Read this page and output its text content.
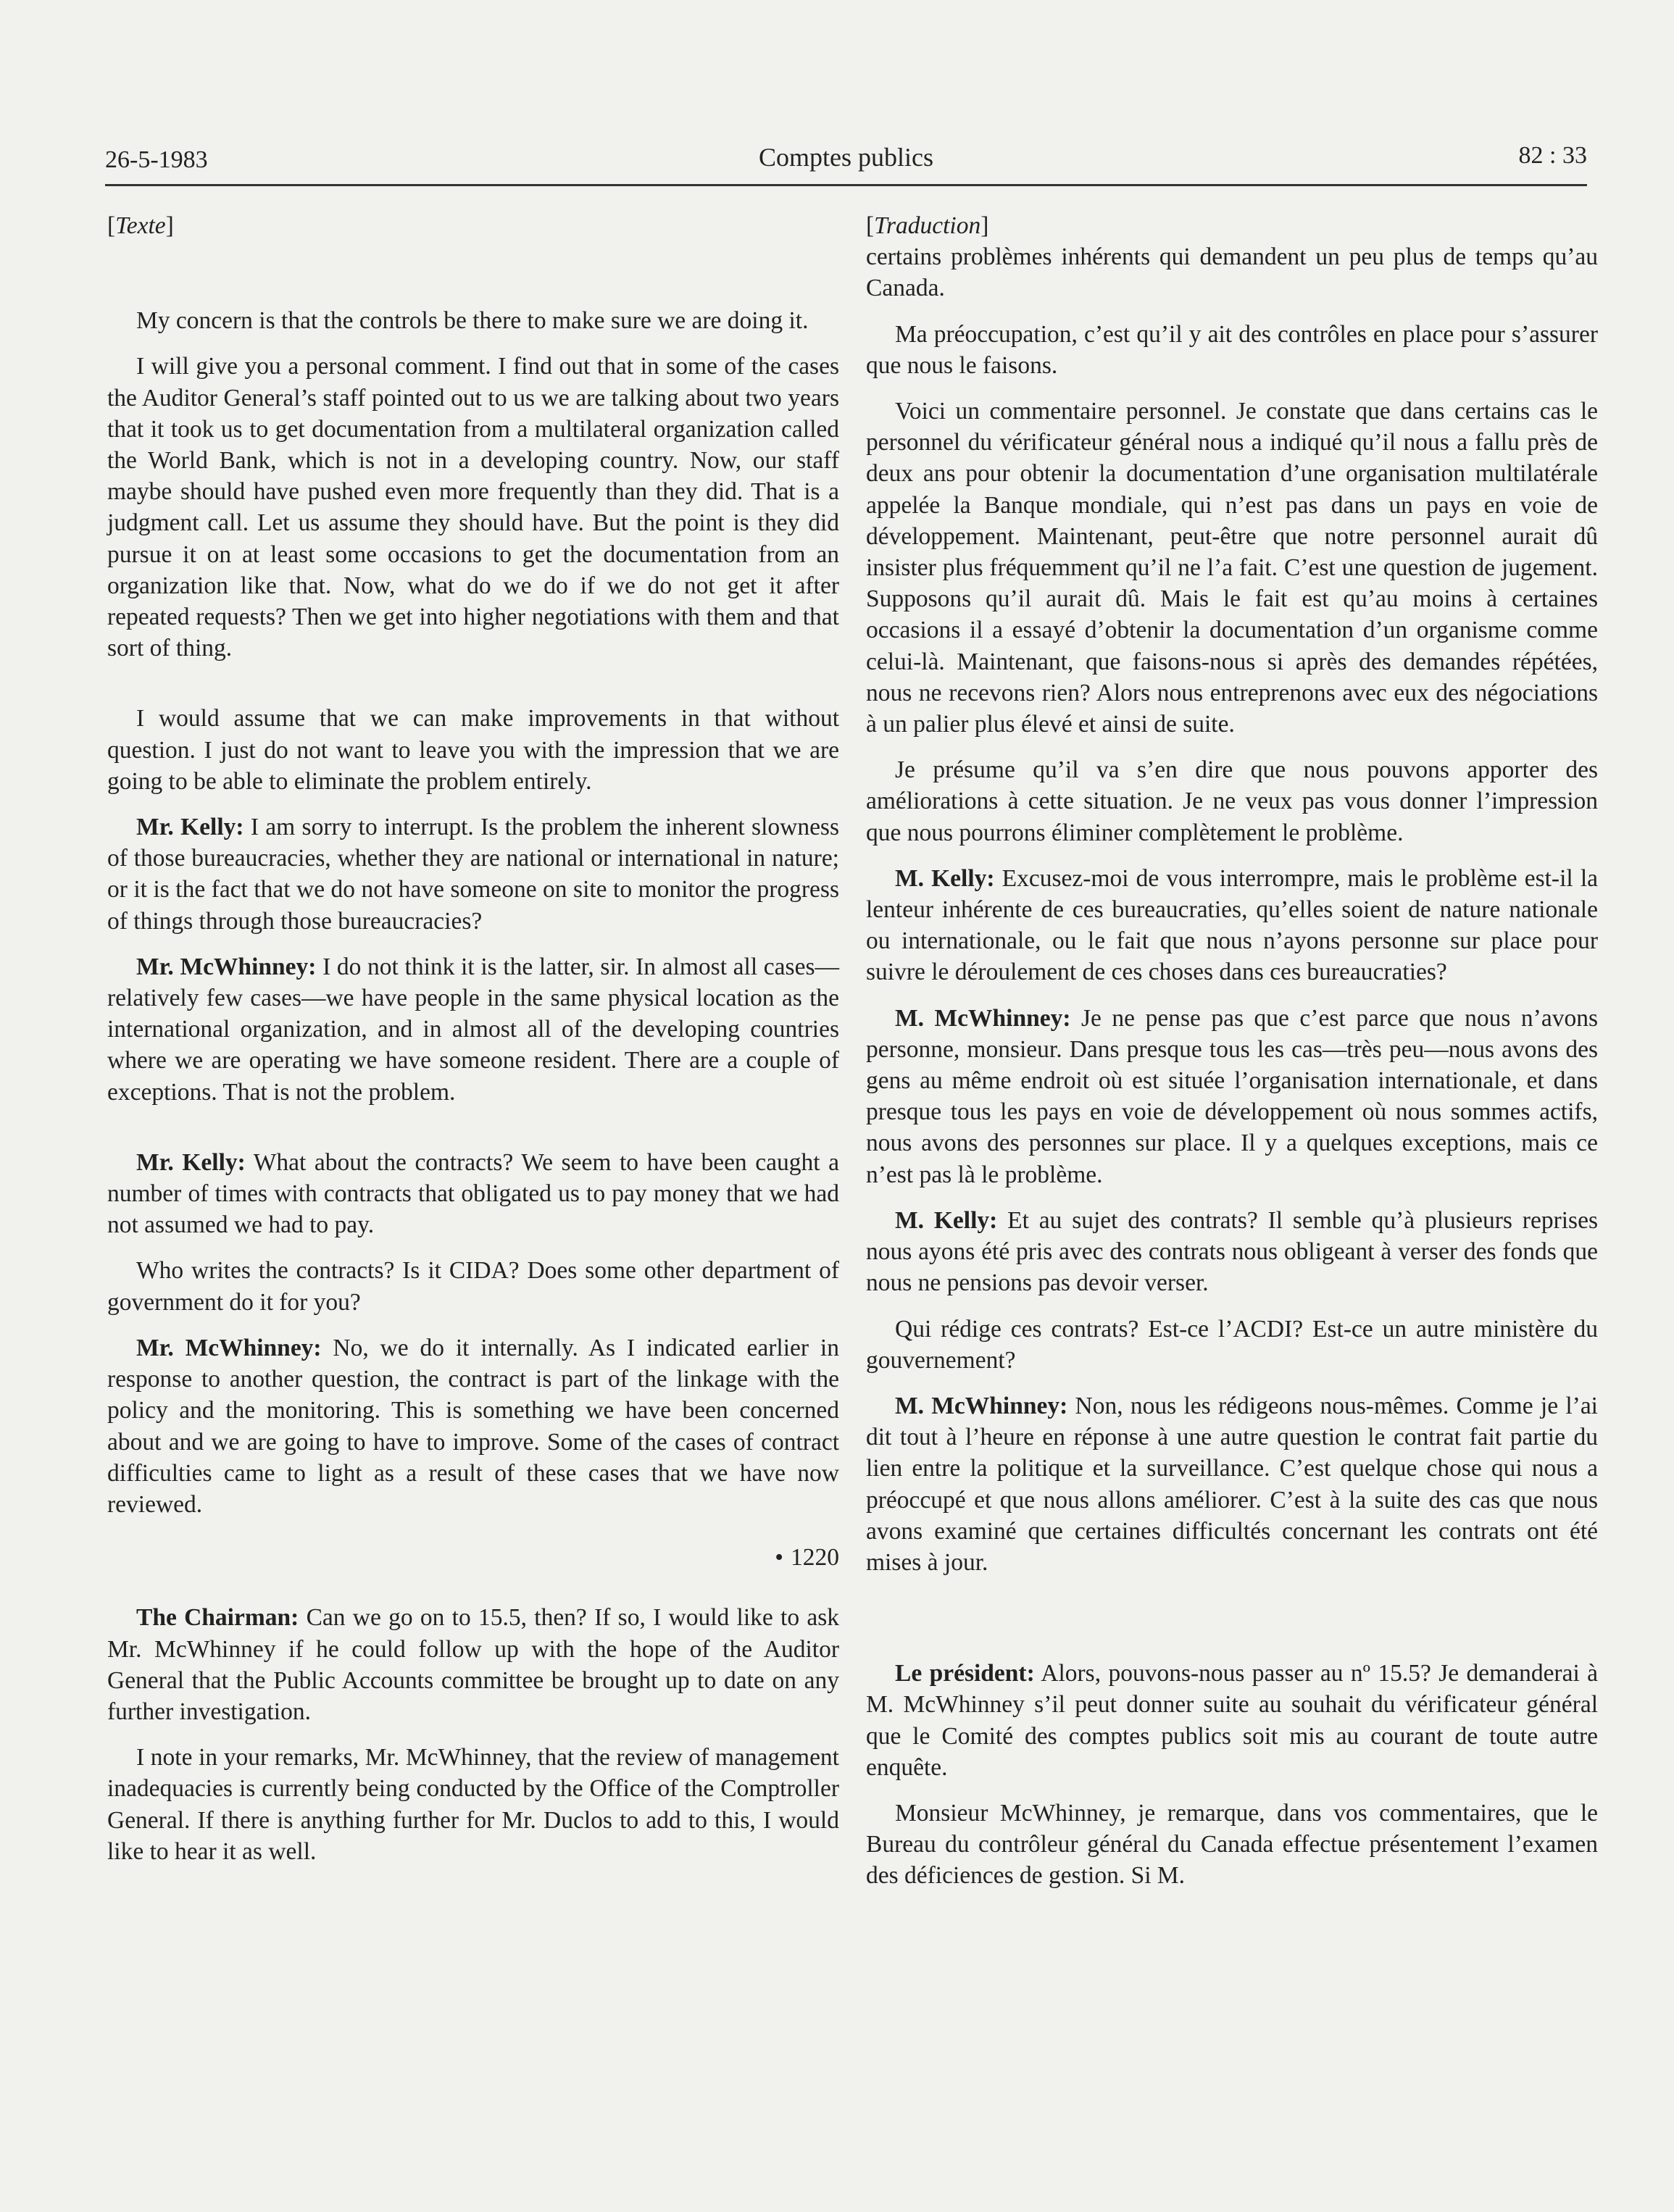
26-5-1983	Comptes publics	82 : 33
[Texte]

My concern is that the controls be there to make sure we are doing it.

I will give you a personal comment. I find out that in some of the cases the Auditor General’s staff pointed out to us we are talking about two years that it took us to get documentation from a multilateral organization called the World Bank, which is not in a developing country. Now, our staff maybe should have pushed even more frequently than they did. That is a judgment call. Let us assume they should have. But the point is they did pursue it on at least some occasions to get the documentation from an organization like that. Now, what do we do if we do not get it after repeated requests? Then we get into higher negotiations with them and that sort of thing.

I would assume that we can make improvements in that without question. I just do not want to leave you with the impression that we are going to be able to eliminate the problem entirely.

Mr. Kelly: I am sorry to interrupt. Is the problem the inherent slowness of those bureaucracies, whether they are national or international in nature; or it is the fact that we do not have someone on site to monitor the progress of things through those bureaucracies?

Mr. McWhinney: I do not think it is the latter, sir. In almost all cases—relatively few cases—we have people in the same physical location as the international organization, and in almost all of the developing countries where we are operating we have someone resident. There are a couple of exceptions. That is not the problem.

Mr. Kelly: What about the contracts? We seem to have been caught a number of times with contracts that obligated us to pay money that we had not assumed we had to pay.

Who writes the contracts? Is it CIDA? Does some other department of government do it for you?

Mr. McWhinney: No, we do it internally. As I indicated earlier in response to another question, the contract is part of the linkage with the policy and the monitoring. This is something we have been concerned about and we are going to have to improve. Some of the cases of contract difficulties came to light as a result of these cases that we have now reviewed.

• 1220

The Chairman: Can we go on to 15.5, then? If so, I would like to ask Mr. McWhinney if he could follow up with the hope of the Auditor General that the Public Accounts committee be brought up to date on any further investigation.

I note in your remarks, Mr. McWhinney, that the review of management inadequacies is currently being conducted by the Office of the Comptroller General. If there is anything further for Mr. Duclos to add to this, I would like to hear it as well.

[Traduction]

certains problèmes inhérents qui demandent un peu plus de temps qu’au Canada.

Ma préoccupation, c’est qu’il y ait des contrôles en place pour s’assurer que nous le faisons.

Voici un commentaire personnel. Je constate que dans certains cas le personnel du vérificateur général nous a indiqué qu’il nous a fallu près de deux ans pour obtenir la documentation d’une organisation multilatérale appelée la Banque mondiale, qui n’est pas dans un pays en voie de développement. Maintenant, peut-être que notre personnel aurait dû insister plus fréquemment qu’il ne l’a fait. C’est une question de jugement. Supposons qu’il aurait dû. Mais le fait est qu’au moins à certaines occasions il a essayé d’obtenir la documentation d’un organisme comme celui-là. Maintenant, que faisons-nous si après des demandes répétées, nous ne recevons rien? Alors nous entreprenons avec eux des négociations à un palier plus élevé et ainsi de suite.

Je présume qu’il va s’en dire que nous pouvons apporter des améliorations à cette situation. Je ne veux pas vous donner l’impression que nous pourrons éliminer complètement le problème.

M. Kelly: Excusez-moi de vous interrompre, mais le problème est-il la lenteur inhérente de ces bureaucraties, qu’elles soient de nature nationale ou internationale, ou le fait que nous n’ayons personne sur place pour suivre le déroulement de ces choses dans ces bureaucraties?

M. McWhinney: Je ne pense pas que c’est parce que nous n’avons personne, monsieur. Dans presque tous les cas—très peu—nous avons des gens au même endroit où est située l’organisation internationale, et dans presque tous les pays en voie de développement où nous sommes actifs, nous avons des personnes sur place. Il y a quelques exceptions, mais ce n’est pas là le problème.

M. Kelly: Et au sujet des contrats? Il semble qu’à plusieurs reprises nous ayons été pris avec des contrats nous obligeant à verser des fonds que nous ne pensions pas devoir verser.

Qui rédige ces contrats? Est-ce l’ACDI? Est-ce un autre ministère du gouvernement?

M. McWhinney: Non, nous les rédigeons nous-mêmes. Comme je l’ai dit tout à l’heure en réponse à une autre question le contrat fait partie du lien entre la politique et la surveillance. C’est quelque chose qui nous a préoccupé et que nous allons améliorer. C’est à la suite des cas que nous avons examiné que certaines difficultés concernant les contrats ont été mises à jour.

Le président: Alors, pouvons-nous passer au nº 15.5? Je demanderai à M. McWhinney s’il peut donner suite au souhait du vérificateur général que le Comité des comptes publics soit mis au courant de toute autre enquête.

Monsieur McWhinney, je remarque, dans vos commentaires, que le Bureau du contrôleur général du Canada effectue présentement l’examen des déficiences de gestion. Si M.
